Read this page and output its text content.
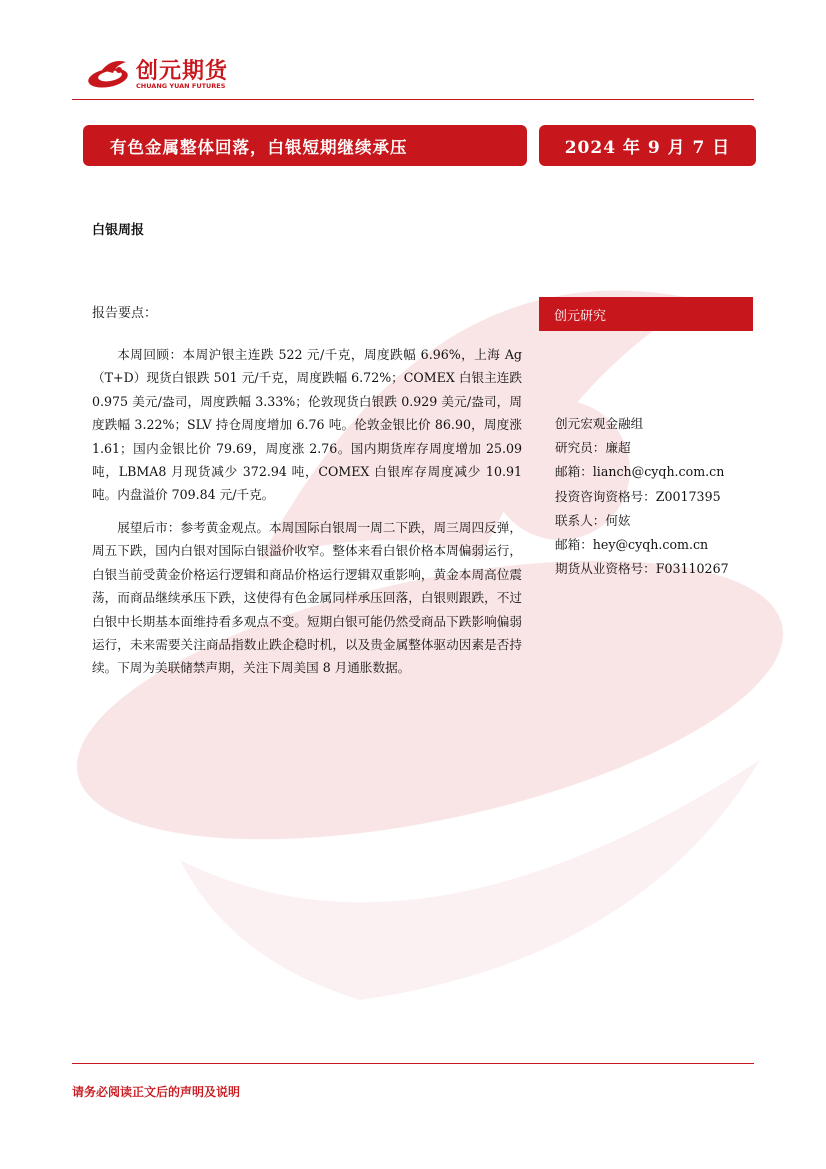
创元期货
CHUANG YUAN FUTURES
有色金属整体回落，白银短期继续承压	2024 年 9 月 7 日
白银周报
报告要点：	创元研究
本周回顾：本周沪银主连跌 522 元/千克，周度跌幅 6.96%，上海 Ag（T+D）现货白银跌 501 元/千克，周度跌幅 6.72%；COMEX 白银主连跌 0.975 美元/盎司，周度跌幅 3.33%；伦敦现货白银跌 0.929 美元/盎司，周度跌幅 3.22%；SLV 持仓周度增加 6.76 吨。伦敦金银比价 86.90，周度涨 1.61；国内金银比价 79.69，周度涨 2.76。国内期货库存周度增加 25.09 吨，LBMA8 月现货减少 372.94 吨，COMEX 白银库存周度减少 10.91 吨。内盘溢价 709.84 元/千克。
展望后市：参考黄金观点。本周国际白银周一周二下跌，周三周四反弹，周五下跌，国内白银对国际白银溢价收窄。整体来看白银价格本周偏弱运行，白银当前受黄金价格运行逻辑和商品价格运行逻辑双重影响，黄金本周高位震荡，而商品继续承压下跌，这使得有色金属同样承压回落，白银则跟跌，不过白银中长期基本面维持看多观点不变。短期白银可能仍然受商品下跌影响偏弱运行，未来需要关注商品指数止跌企稳时机，以及贵金属整体驱动因素是否持续。下周为美联储禁声期，关注下周美国 8 月通胀数据。
创元宏观金融组
研究员：廉超
邮箱：lianch@cyqh.com.cn
投资咨询资格号：Z0017395
联系人：何妶
邮箱：hey@cyqh.com.cn
期货从业资格号：F03110267
请务必阅读正文后的声明及说明
